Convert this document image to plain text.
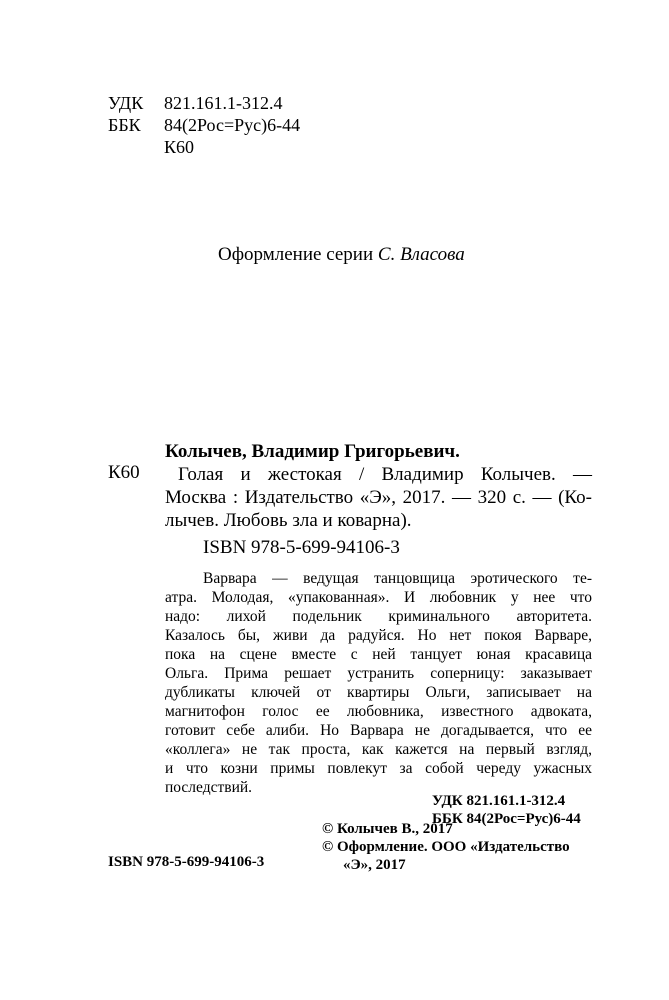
УДК 821.161.1-312.4
ББК 84(2Рос=Рус)6-44
К60
Оформление серии С. Власова
Колычев, Владимир Григорьевич.
К60 Голая и жестокая / Владимир Колычев. —
Москва : Издательство «Э», 2017. — 320 с. — (Ко-
лычев. Любовь зла и коварна).
ISBN 978-5-699-94106-3
Варвара — ведущая танцовщица эротического те-
атра. Молодая, «упакованная». И любовник у нее что
надо: лихой подельник криминального авторитета.
Казалось бы, живи да радуйся. Но нет покоя Варваре,
пока на сцене вместе с ней танцует юная красавица
Ольга. Прима решает устранить соперницу: заказывает
дубликаты ключей от квартиры Ольги, записывает на
магнитофон голос ее любовника, известного адвоката,
готовит себе алиби. Но Варвара не догадывается, что ее
«коллега» не так проста, как кажется на первый взгляд,
и что козни примы повлекут за собой череду ужасных
последствий.
УДК 821.161.1-312.4
ББК 84(2Рос=Рус)6-44
ISBN 978-5-699-94106-3
© Колычев В., 2017
© Оформление. ООО «Издательство
«Э», 2017
